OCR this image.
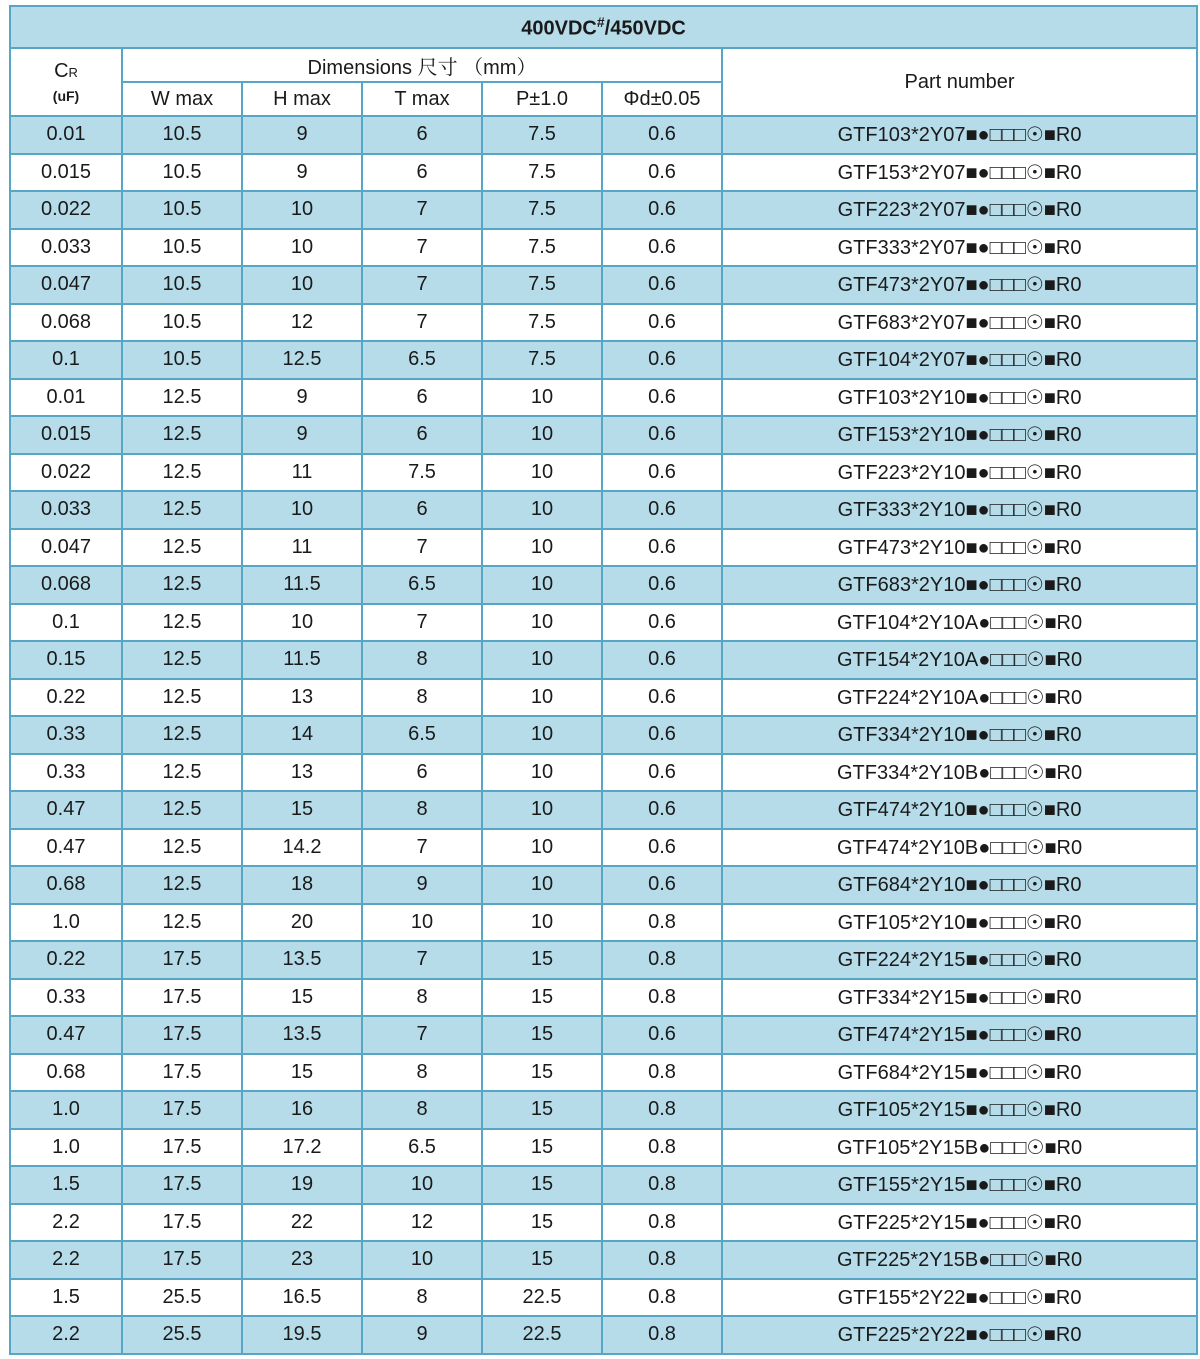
400VDC#/450VDC						

CR
(uF)	Dimensions 尺寸 （mm）					Part number
	W max	H max	T max	P±1.0	Φd±0.05	
0.01	10.5	9	6	7.5	0.6	GTF103*2Y07■●□□□☉■R0
0.015	10.5	9	6	7.5	0.6	GTF153*2Y07■●□□□☉■R0
0.022	10.5	10	7	7.5	0.6	GTF223*2Y07■●□□□☉■R0
0.033	10.5	10	7	7.5	0.6	GTF333*2Y07■●□□□☉■R0
0.047	10.5	10	7	7.5	0.6	GTF473*2Y07■●□□□☉■R0
0.068	10.5	12	7	7.5	0.6	GTF683*2Y07■●□□□☉■R0
0.1	10.5	12.5	6.5	7.5	0.6	GTF104*2Y07■●□□□☉■R0
0.01	12.5	9	6	10	0.6	GTF103*2Y10■●□□□☉■R0
0.015	12.5	9	6	10	0.6	GTF153*2Y10■●□□□☉■R0
0.022	12.5	11	7.5	10	0.6	GTF223*2Y10■●□□□☉■R0
0.033	12.5	10	6	10	0.6	GTF333*2Y10■●□□□☉■R0
0.047	12.5	11	7	10	0.6	GTF473*2Y10■●□□□☉■R0
0.068	12.5	11.5	6.5	10	0.6	GTF683*2Y10■●□□□☉■R0
0.1	12.5	10	7	10	0.6	GTF104*2Y10A●□□□☉■R0
0.15	12.5	11.5	8	10	0.6	GTF154*2Y10A●□□□☉■R0
0.22	12.5	13	8	10	0.6	GTF224*2Y10A●□□□☉■R0
0.33	12.5	14	6.5	10	0.6	GTF334*2Y10■●□□□☉■R0
0.33	12.5	13	6	10	0.6	GTF334*2Y10B●□□□☉■R0
0.47	12.5	15	8	10	0.6	GTF474*2Y10■●□□□☉■R0
0.47	12.5	14.2	7	10	0.6	GTF474*2Y10B●□□□☉■R0
0.68	12.5	18	9	10	0.6	GTF684*2Y10■●□□□☉■R0
1.0	12.5	20	10	10	0.8	GTF105*2Y10■●□□□☉■R0
0.22	17.5	13.5	7	15	0.8	GTF224*2Y15■●□□□☉■R0
0.33	17.5	15	8	15	0.8	GTF334*2Y15■●□□□☉■R0
0.47	17.5	13.5	7	15	0.6	GTF474*2Y15■●□□□☉■R0
0.68	17.5	15	8	15	0.8	GTF684*2Y15■●□□□☉■R0
1.0	17.5	16	8	15	0.8	GTF105*2Y15■●□□□☉■R0
1.0	17.5	17.2	6.5	15	0.8	GTF105*2Y15B●□□□☉■R0
1.5	17.5	19	10	15	0.8	GTF155*2Y15■●□□□☉■R0
2.2	17.5	22	12	15	0.8	GTF225*2Y15■●□□□☉■R0
2.2	17.5	23	10	15	0.8	GTF225*2Y15B●□□□☉■R0
1.5	25.5	16.5	8	22.5	0.8	GTF155*2Y22■●□□□☉■R0
2.2	25.5	19.5	9	22.5	0.8	GTF225*2Y22■●□□□☉■R0
